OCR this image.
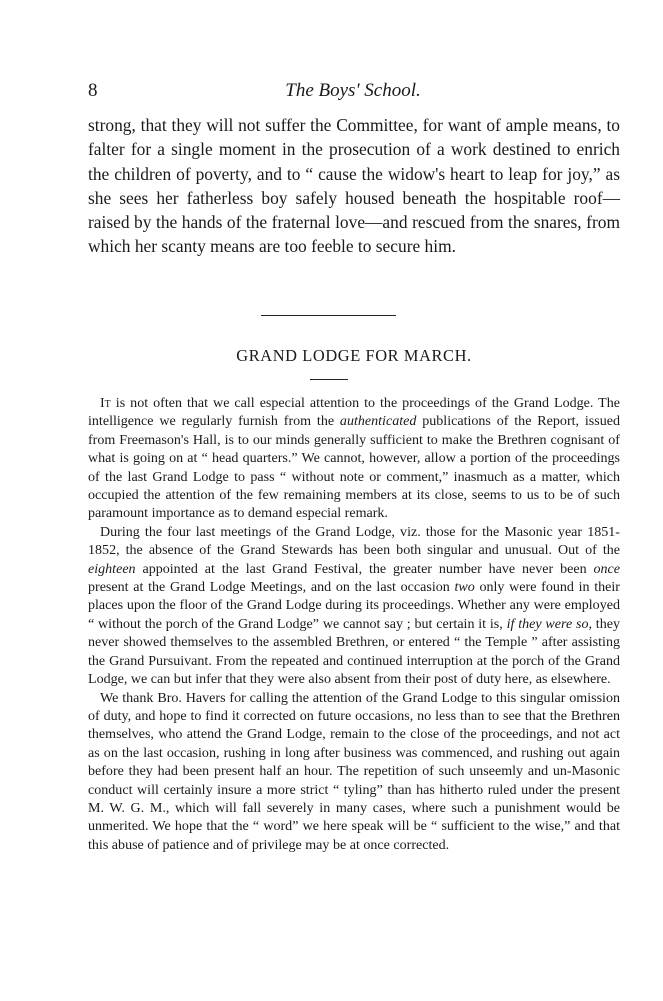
8	The Boys' School.

strong, that they will not suffer the Committee, for want of ample means, to falter for a single moment in the prosecution of a work destined to enrich the children of poverty, and to “ cause the widow's heart to leap for joy,” as she sees her fatherless boy safely housed beneath the hospitable roof— raised by the hands of the fraternal love—and rescued from the snares, from which her scanty means are too feeble to secure him.

GRAND LODGE FOR MARCH.

It is not often that we call especial attention to the proceedings of the Grand Lodge. The intelligence we regularly furnish from the authenticated publications of the Report, issued from Freemason's Hall, is to our minds generally sufficient to make the Brethren cognisant of what is going on at “ head quarters.” We cannot, however, allow a portion of the proceedings of the last Grand Lodge to pass “ without note or comment,” inasmuch as a matter, which occupied the attention of the few remaining members at its close, seems to us to be of such paramount importance as to demand especial remark.

During the four last meetings of the Grand Lodge, viz. those for the Masonic year 1851-1852, the absence of the Grand Stewards has been both singular and unusual. Out of the eighteen appointed at the last Grand Festival, the greater number have never been once present at the Grand Lodge Meetings, and on the last occasion two only were found in their places upon the floor of the Grand Lodge during its proceedings. Whether any were employed “ without the porch of the Grand Lodge” we cannot say ; but certain it is, if they were so, they never showed themselves to the assembled Brethren, or entered “ the Temple ” after assisting the Grand Pursuivant. From the repeated and continued interruption at the porch of the Grand Lodge, we can but infer that they were also absent from their post of duty here, as elsewhere.

We thank Bro. Havers for calling the attention of the Grand Lodge to this singular omission of duty, and hope to find it corrected on future occasions, no less than to see that the Brethren themselves, who attend the Grand Lodge, remain to the close of the proceedings, and not act as on the last occasion, rushing in long after business was commenced, and rushing out again before they had been present half an hour. The repetition of such unseemly and un-Masonic conduct will certainly insure a more strict “ tyling” than has hitherto ruled under the present M. W. G. M., which will fall severely in many cases, where such a punishment would be unmerited. We hope that the “ word” we here speak will be “ sufficient to the wise,” and that this abuse of patience and of privilege may be at once corrected.
